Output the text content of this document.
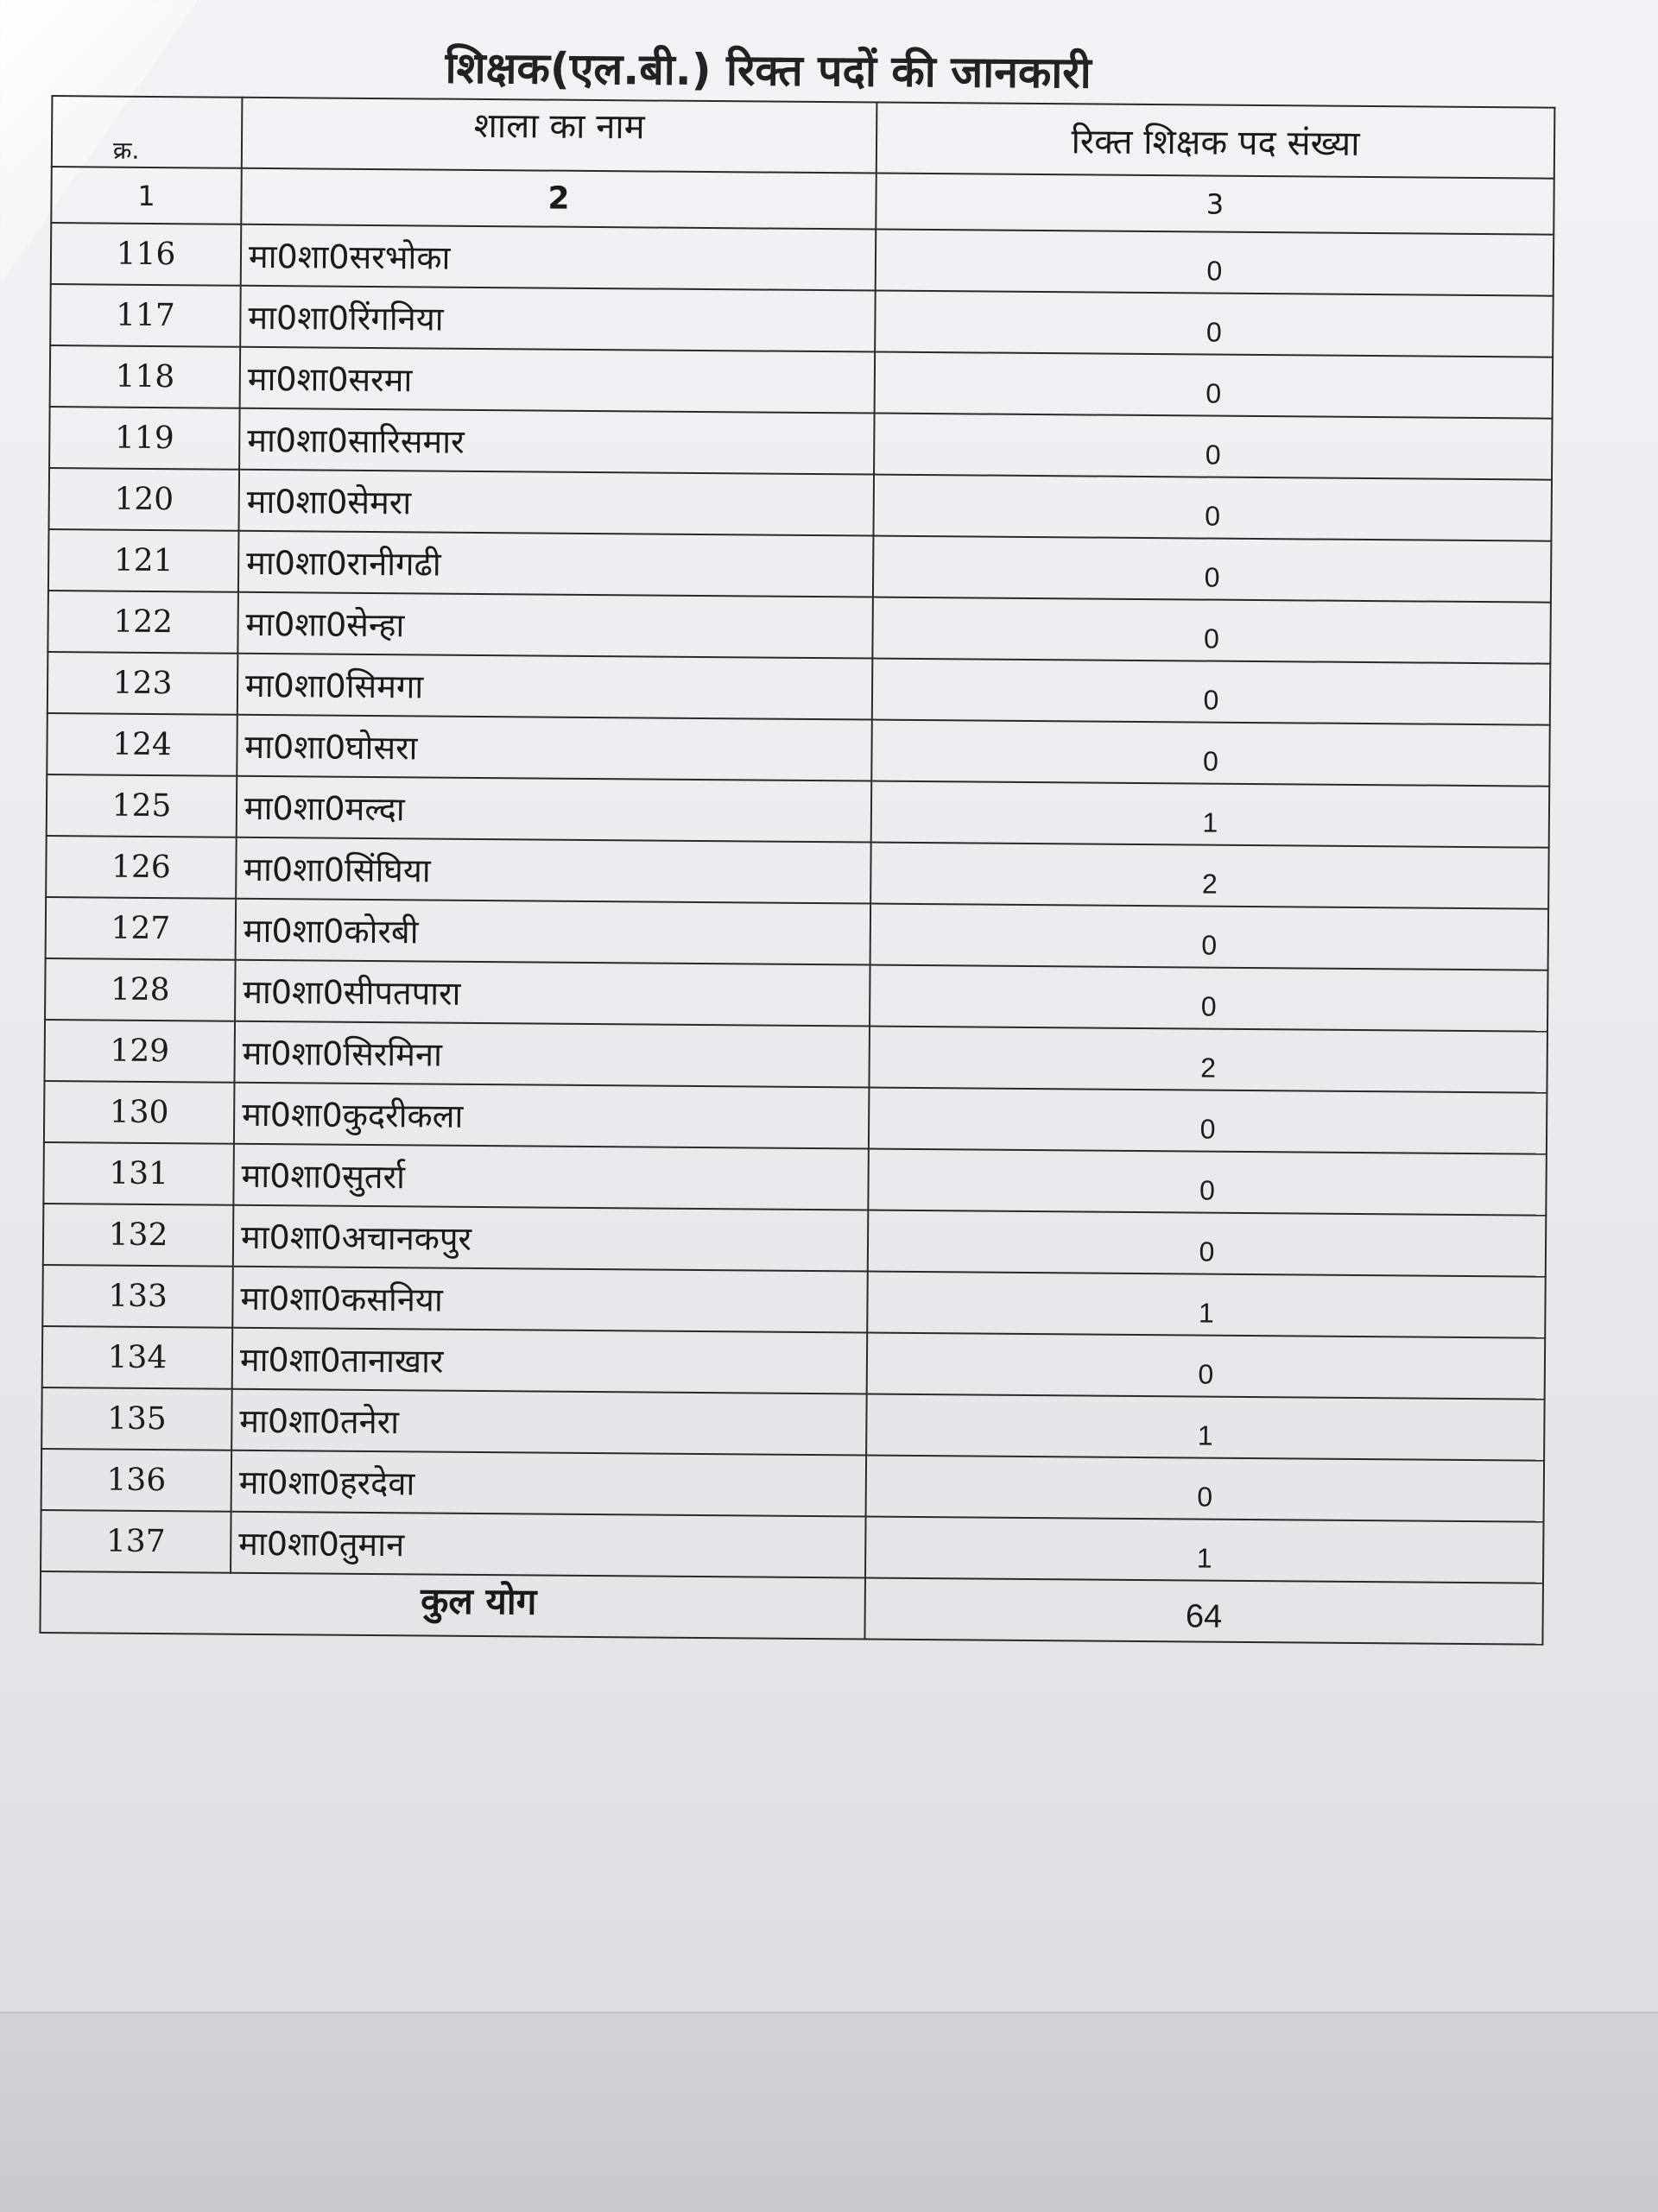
शिक्षक(एल.बी.) रिक्त पदों की जानकारी
क्र.	शाला का नाम	रिक्त शिक्षक पद संख्या
1	2	3
116	मा0शा0सरभोका	0
117	मा0शा0रिंगनिया	0
118	मा0शा0सरमा	0
119	मा0शा0सारिसमार	0
120	मा0शा0सेमरा	0
121	मा0शा0रानीगढी	0
122	मा0शा0सेन्हा	0
123	मा0शा0सिमगा	0
124	मा0शा0घोसरा	0
125	मा0शा0मल्दा	1
126	मा0शा0सिंघिया	2
127	मा0शा0कोरबी	0
128	मा0शा0सीपतपारा	0
129	मा0शा0सिरमिना	2
130	मा0शा0कुदरीकला	0
131	मा0शा0सुतर्रा	0
132	मा0शा0अचानकपुर	0
133	मा0शा0कसनिया	1
134	मा0शा0तानाखार	0
135	मा0शा0तनेरा	1
136	मा0शा0हरदेवा	0
137	मा0शा0तुमान	1
कुल योग		64
